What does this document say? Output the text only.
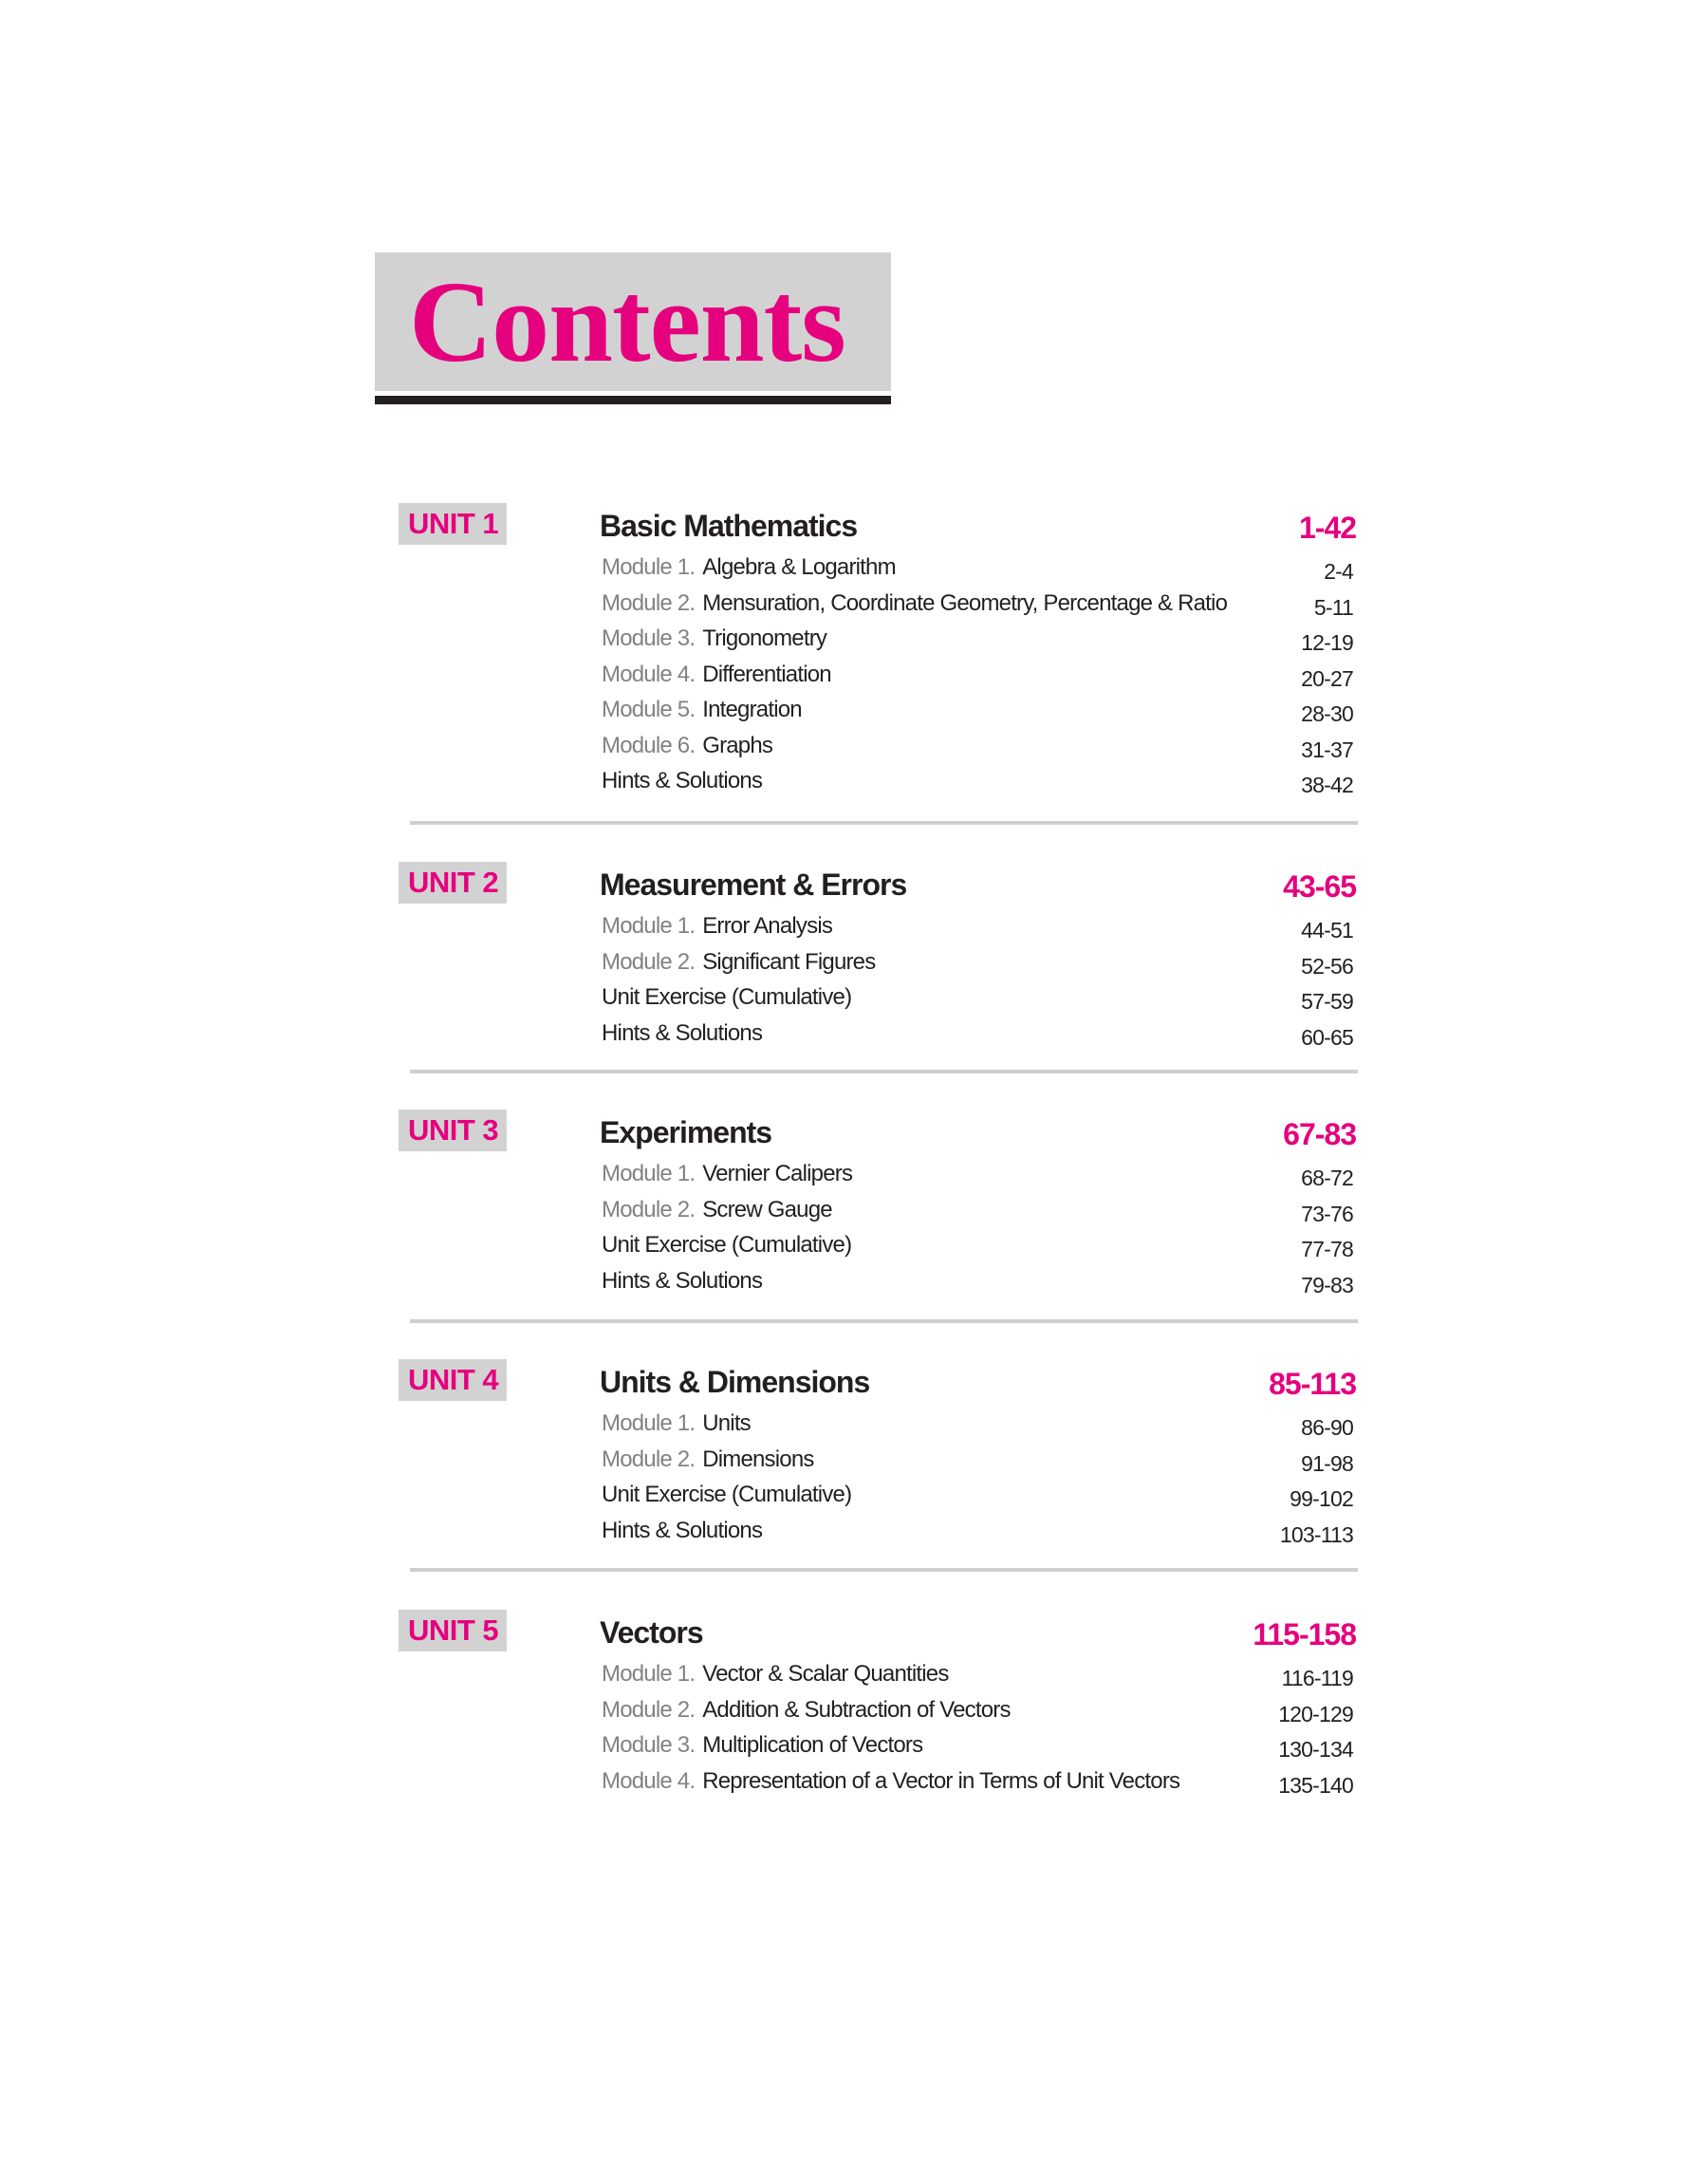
Contents
UNIT 1	Basic Mathematics	1-42
Module 1. Algebra & Logarithm	2-4
Module 2. Mensuration, Coordinate Geometry, Percentage & Ratio	5-11
Module 3. Trigonometry	12-19
Module 4. Differentiation	20-27
Module 5. Integration	28-30
Module 6. Graphs	31-37
Hints & Solutions	38-42
UNIT 2	Measurement & Errors	43-65
Module 1. Error Analysis	44-51
Module 2. Significant Figures	52-56
Unit Exercise (Cumulative)	57-59
Hints & Solutions	60-65
UNIT 3	Experiments	67-83
Module 1. Vernier Calipers	68-72
Module 2. Screw Gauge	73-76
Unit Exercise (Cumulative)	77-78
Hints & Solutions	79-83
UNIT 4	Units & Dimensions	85-113
Module 1. Units	86-90
Module 2. Dimensions	91-98
Unit Exercise (Cumulative)	99-102
Hints & Solutions	103-113
UNIT 5	Vectors	115-158
Module 1. Vector & Scalar Quantities	116-119
Module 2. Addition & Subtraction of Vectors	120-129
Module 3. Multiplication of Vectors	130-134
Module 4. Representation of a Vector in Terms of Unit Vectors	135-140
